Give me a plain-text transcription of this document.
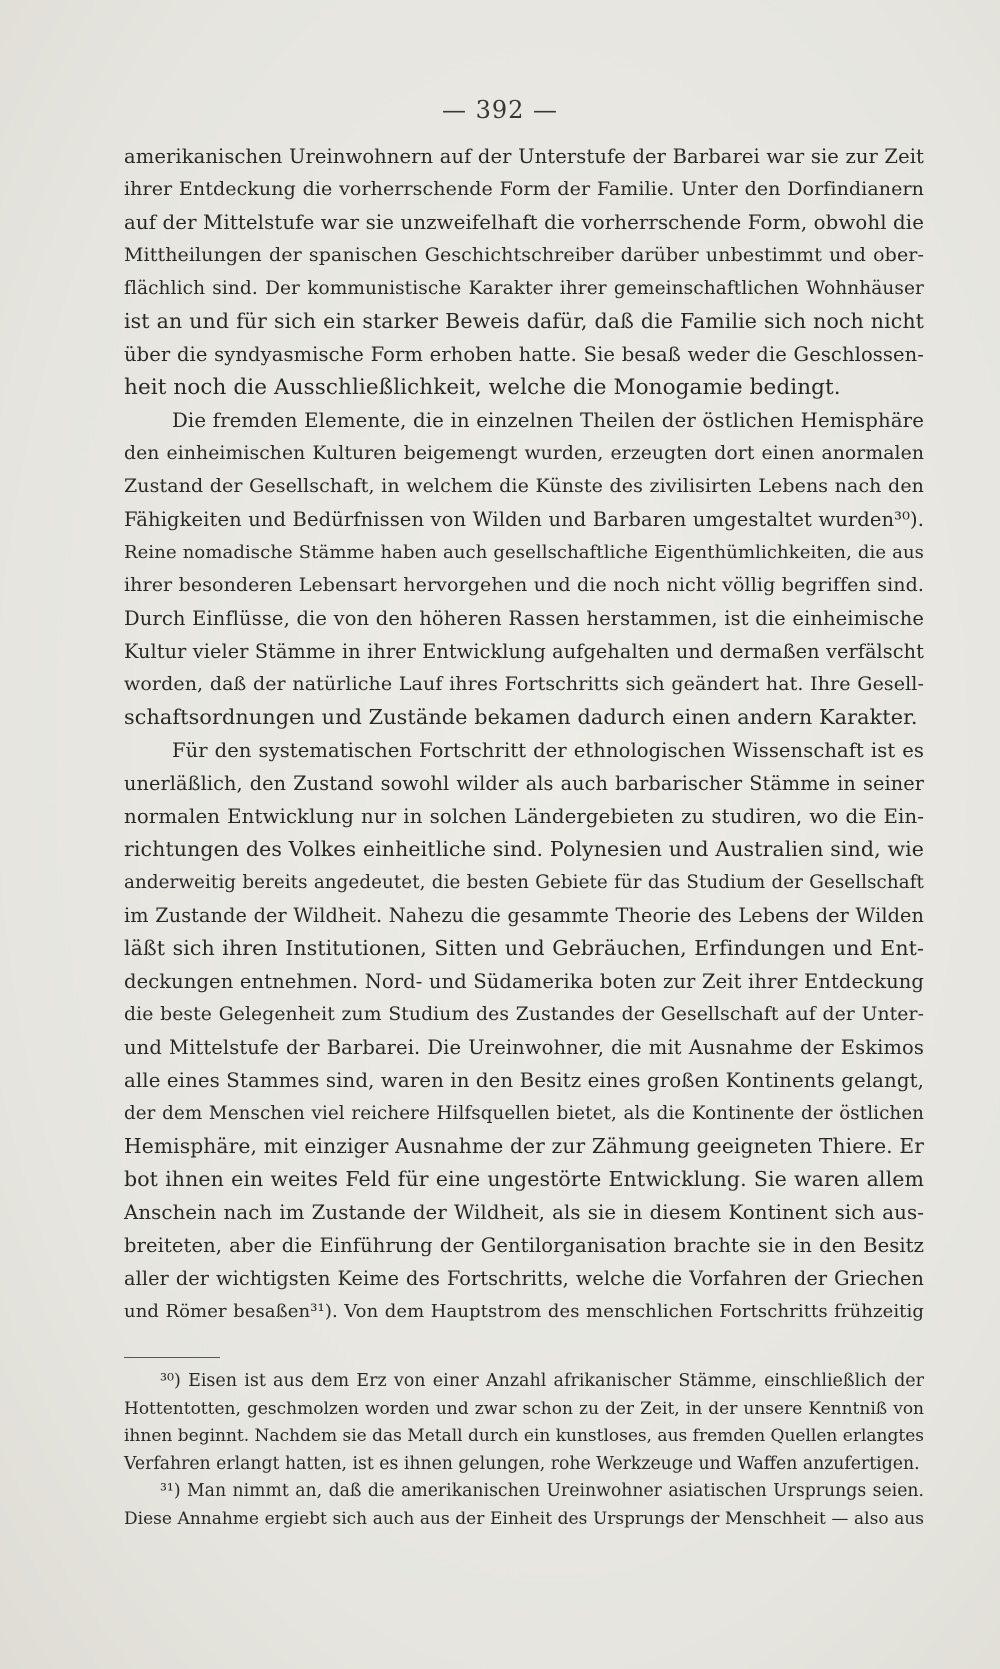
— 392 —
amerikanischen Ureinwohnern auf der Unterstufe der Barbarei war sie zur Zeit
ihrer Entdeckung die vorherrschende Form der Familie. Unter den Dorfindianern
auf der Mittelstufe war sie unzweifelhaft die vorherrschende Form, obwohl die
Mittheilungen der spanischen Geschichtschreiber darüber unbestimmt und ober-
flächlich sind. Der kommunistische Karakter ihrer gemeinschaftlichen Wohnhäuser
ist an und für sich ein starker Beweis dafür, daß die Familie sich noch nicht
über die syndyasmische Form erhoben hatte. Sie besaß weder die Geschlossen-
heit noch die Ausschließlichkeit, welche die Monogamie bedingt.
Die fremden Elemente, die in einzelnen Theilen der östlichen Hemisphäre
den einheimischen Kulturen beigemengt wurden, erzeugten dort einen anormalen
Zustand der Gesellschaft, in welchem die Künste des zivilisirten Lebens nach den
Fähigkeiten und Bedürfnissen von Wilden und Barbaren umgestaltet wurden³⁰).
Reine nomadische Stämme haben auch gesellschaftliche Eigenthümlichkeiten, die aus
ihrer besonderen Lebensart hervorgehen und die noch nicht völlig begriffen sind.
Durch Einflüsse, die von den höheren Rassen herstammen, ist die einheimische
Kultur vieler Stämme in ihrer Entwicklung aufgehalten und dermaßen verfälscht
worden, daß der natürliche Lauf ihres Fortschritts sich geändert hat. Ihre Gesell-
schaftsordnungen und Zustände bekamen dadurch einen andern Karakter.
Für den systematischen Fortschritt der ethnologischen Wissenschaft ist es
unerläßlich, den Zustand sowohl wilder als auch barbarischer Stämme in seiner
normalen Entwicklung nur in solchen Ländergebieten zu studiren, wo die Ein-
richtungen des Volkes einheitliche sind. Polynesien und Australien sind, wie
anderweitig bereits angedeutet, die besten Gebiete für das Studium der Gesellschaft
im Zustande der Wildheit. Nahezu die gesammte Theorie des Lebens der Wilden
läßt sich ihren Institutionen, Sitten und Gebräuchen, Erfindungen und Ent-
deckungen entnehmen. Nord- und Südamerika boten zur Zeit ihrer Entdeckung
die beste Gelegenheit zum Studium des Zustandes der Gesellschaft auf der Unter-
und Mittelstufe der Barbarei. Die Ureinwohner, die mit Ausnahme der Eskimos
alle eines Stammes sind, waren in den Besitz eines großen Kontinents gelangt,
der dem Menschen viel reichere Hilfsquellen bietet, als die Kontinente der östlichen
Hemisphäre, mit einziger Ausnahme der zur Zähmung geeigneten Thiere. Er
bot ihnen ein weites Feld für eine ungestörte Entwicklung. Sie waren allem
Anschein nach im Zustande der Wildheit, als sie in diesem Kontinent sich aus-
breiteten, aber die Einführung der Gentilorganisation brachte sie in den Besitz
aller der wichtigsten Keime des Fortschritts, welche die Vorfahren der Griechen
und Römer besaßen³¹). Von dem Hauptstrom des menschlichen Fortschritts frühzeitig
³⁰) Eisen ist aus dem Erz von einer Anzahl afrikanischer Stämme, einschließlich der
Hottentotten, geschmolzen worden und zwar schon zu der Zeit, in der unsere Kenntniß von
ihnen beginnt. Nachdem sie das Metall durch ein kunstloses, aus fremden Quellen erlangtes
Verfahren erlangt hatten, ist es ihnen gelungen, rohe Werkzeuge und Waffen anzufertigen.
³¹) Man nimmt an, daß die amerikanischen Ureinwohner asiatischen Ursprungs seien.
Diese Annahme ergiebt sich auch aus der Einheit des Ursprungs der Menschheit — also aus
